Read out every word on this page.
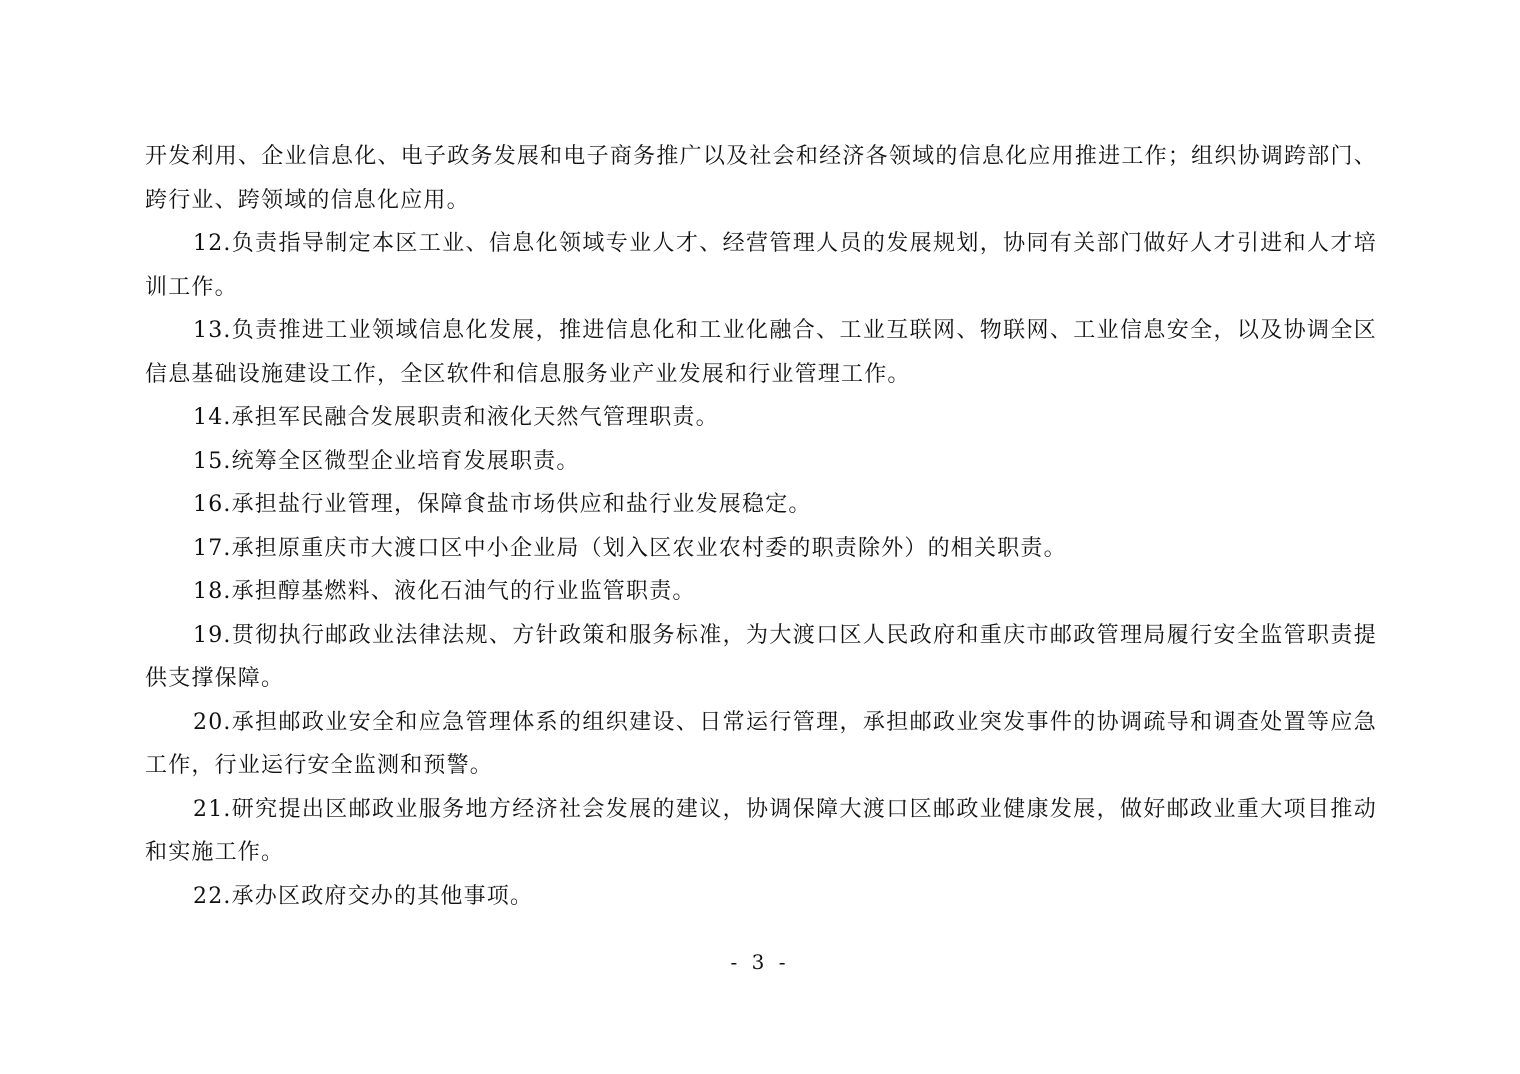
开发利用、企业信息化、电子政务发展和电子商务推广以及社会和经济各领域的信息化应用推进工作；组织协调跨部门、跨行业、跨领域的信息化应用。

12.负责指导制定本区工业、信息化领域专业人才、经营管理人员的发展规划，协同有关部门做好人才引进和人才培训工作。

13.负责推进工业领域信息化发展，推进信息化和工业化融合、工业互联网、物联网、工业信息安全，以及协调全区信息基础设施建设工作，全区软件和信息服务业产业发展和行业管理工作。

14.承担军民融合发展职责和液化天然气管理职责。

15.统筹全区微型企业培育发展职责。

16.承担盐行业管理，保障食盐市场供应和盐行业发展稳定。

17.承担原重庆市大渡口区中小企业局（划入区农业农村委的职责除外）的相关职责。

18.承担醇基燃料、液化石油气的行业监管职责。

19.贯彻执行邮政业法律法规、方针政策和服务标准，为大渡口区人民政府和重庆市邮政管理局履行安全监管职责提供支撑保障。

20.承担邮政业安全和应急管理体系的组织建设、日常运行管理，承担邮政业突发事件的协调疏导和调查处置等应急工作，行业运行安全监测和预警。

21.研究提出区邮政业服务地方经济社会发展的建议，协调保障大渡口区邮政业健康发展，做好邮政业重大项目推动和实施工作。

22.承办区政府交办的其他事项。

- 3 -
